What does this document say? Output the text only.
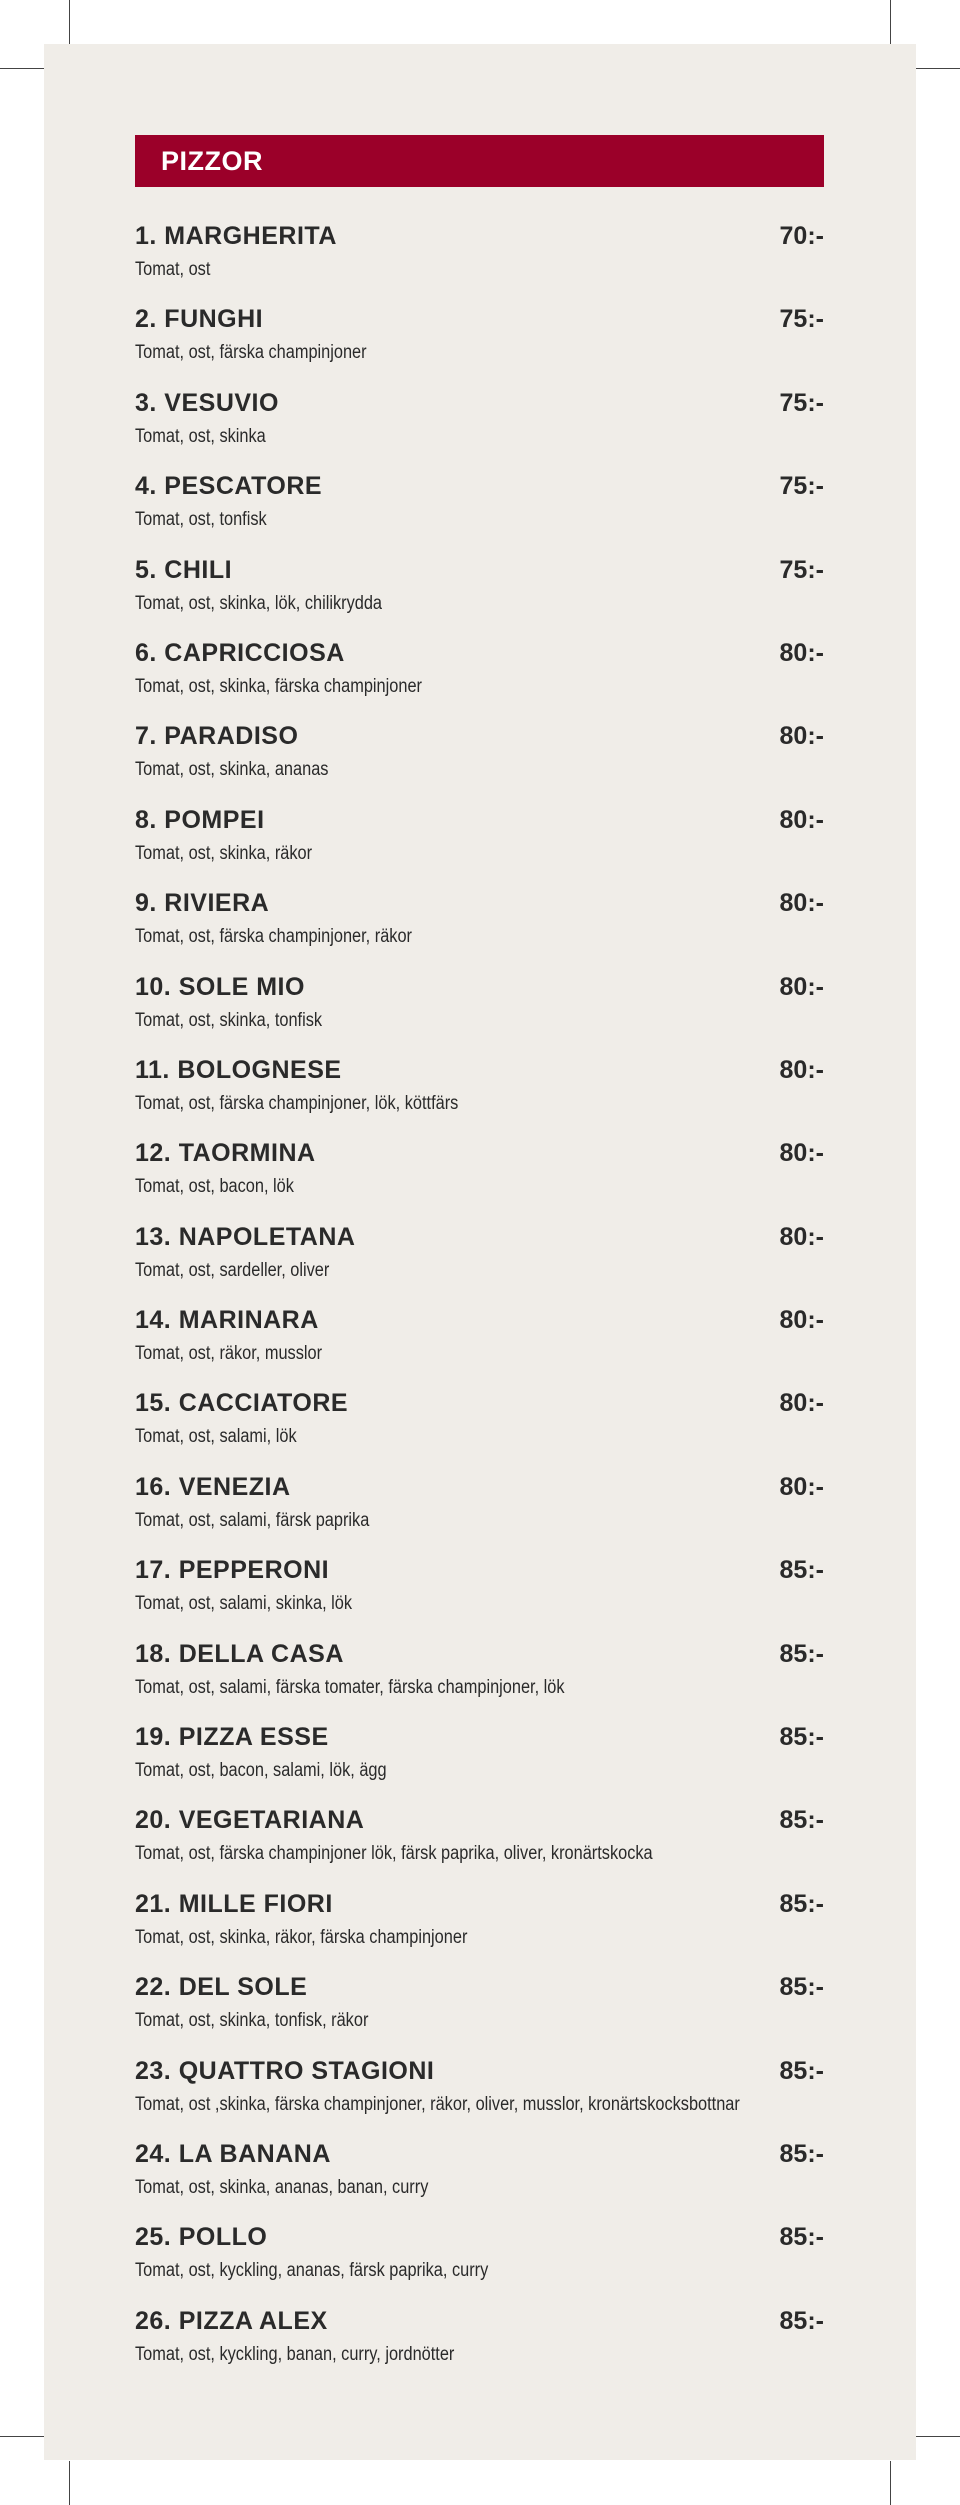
PIZZOR
1. MARGHERITA	70:-
Tomat, ost
2. FUNGHI	75:-
Tomat, ost, färska champinjoner
3. VESUVIO	75:-
Tomat, ost, skinka
4. PESCATORE	75:-
Tomat, ost, tonfisk
5. CHILI	75:-
Tomat, ost, skinka, lök, chilikrydda
6. CAPRICCIOSA	80:-
Tomat, ost, skinka, färska champinjoner
7. PARADISO	80:-
Tomat, ost, skinka, ananas
8. POMPEI	80:-
Tomat, ost, skinka, räkor
9. RIVIERA	80:-
Tomat, ost, färska champinjoner, räkor
10. SOLE MIO	80:-
Tomat, ost, skinka, tonfisk
11. BOLOGNESE	80:-
Tomat, ost, färska champinjoner, lök, köttfärs
12. TAORMINA	80:-
Tomat, ost, bacon, lök
13. NAPOLETANA	80:-
Tomat, ost, sardeller, oliver
14. MARINARA	80:-
Tomat, ost, räkor, musslor
15. CACCIATORE	80:-
Tomat, ost, salami, lök
16. VENEZIA	80:-
Tomat, ost, salami, färsk paprika
17. PEPPERONI	85:-
Tomat, ost, salami, skinka, lök
18. DELLA CASA	85:-
Tomat, ost, salami, färska tomater, färska champinjoner, lök
19. PIZZA ESSE	85:-
Tomat, ost, bacon, salami, lök, ägg
20. VEGETARIANA	85:-
Tomat, ost, färska champinjoner lök, färsk paprika, oliver, kronärtskocka
21. MILLE FIORI	85:-
Tomat, ost, skinka, räkor, färska champinjoner
22. DEL SOLE	85:-
Tomat, ost, skinka, tonfisk, räkor
23. QUATTRO STAGIONI	85:-
Tomat, ost ,skinka, färska champinjoner, räkor, oliver, musslor, kronärtskocksbottnar
24. LA BANANA	85:-
Tomat, ost, skinka, ananas, banan, curry
25. POLLO	85:-
Tomat, ost, kyckling, ananas, färsk paprika, curry
26. PIZZA ALEX	85:-
Tomat, ost, kyckling, banan, curry, jordnötter
